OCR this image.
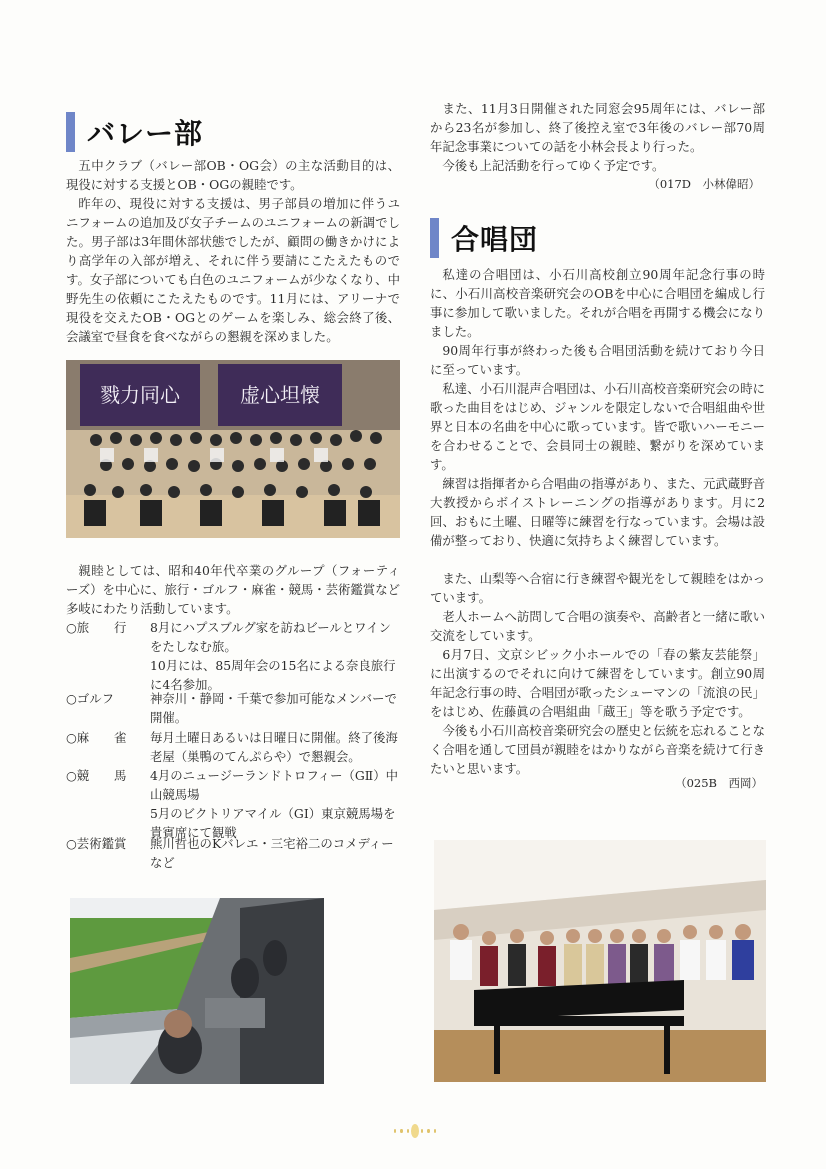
バレー部

五中クラブ（バレー部OB・OG会）の主な活動目的は、現役に対する支援とOB・OGの親睦です。

昨年の、現役に対する支援は、男子部員の増加に伴うユニフォームの追加及び女子チームのユニフォームの新調でした。男子部は3年間休部状態でしたが、顧問の働きかけにより高学年の入部が増え、それに伴う要請にこたえたものです。女子部についても白色のユニフォームが少なくなり、中野先生の依頼にこたえたものです。11月には、アリーナで現役を交えたOB・OGとのゲームを楽しみ、総会終了後、会議室で昼食を食べながらの懇親を深めました。

戮力同心	虚心坦懐

親睦としては、昭和40年代卒業のグループ（フォーティーズ）を中心に、旅行・ゴルフ・麻雀・競馬・芸術鑑賞など多岐にわたり活動しています。

○旅　　行	8月にハプスブルグ家を訪ねビールとワインをたしなむ旅。
10月には、85周年会の15名による奈良旅行に4名参加。
○ゴルフ	神奈川・静岡・千葉で参加可能なメンバーで開催。
○麻　　雀	毎月土曜日あるいは日曜日に開催。終了後海老屋（巣鴨のてんぷらや）で懇親会。
○競　　馬	4月のニュージーランドトロフィー（GⅡ）中山競馬場
5月のビクトリアマイル（GⅠ）東京競馬場を貴賓席にて観戦
○芸術鑑賞	熊川哲也のKバレエ・三宅裕二のコメディーなど

また、11月3日開催された同窓会95周年には、バレー部から23名が参加し、終了後控え室で3年後のバレー部70周年記念事業についての話を小林会長より行った。

今後も上記活動を行ってゆく予定です。

（017D　小林偉昭）
合唱団

私達の合唱団は、小石川高校創立90周年記念行事の時に、小石川高校音楽研究会のOBを中心に合唱団を編成し行事に参加して歌いました。それが合唱を再開する機会になりました。

90周年行事が終わった後も合唱団活動を続けており今日に至っています。

私達、小石川混声合唱団は、小石川高校音楽研究会の時に歌った曲目をはじめ、ジャンルを限定しないで合唱組曲や世界と日本の名曲を中心に歌っています。皆で歌いハーモニーを合わせることで、会員同士の親睦、繋がりを深めています。

練習は指揮者から合唱曲の指導があり、また、元武蔵野音大教授からボイストレーニングの指導があります。月に2回、おもに土曜、日曜等に練習を行なっています。会場は設備が整っており、快適に気持ちよく練習しています。

また、山梨等へ合宿に行き練習や観光をして親睦をはかっています。

老人ホームへ訪問して合唱の演奏や、高齢者と一緒に歌い交流をしています。

6月7日、文京シビック小ホールでの「春の紫友芸能祭」に出演するのでそれに向けて練習をしています。創立90周年記念行事の時、合唱団が歌ったシューマンの「流浪の民」をはじめ、佐藤眞の合唱組曲「蔵王」等を歌う予定です。

今後も小石川高校音楽研究会の歴史と伝統を忘れることなく合唱を通して団員が親睦をはかりながら音楽を続けて行きたいと思います。

（025B　西岡）
